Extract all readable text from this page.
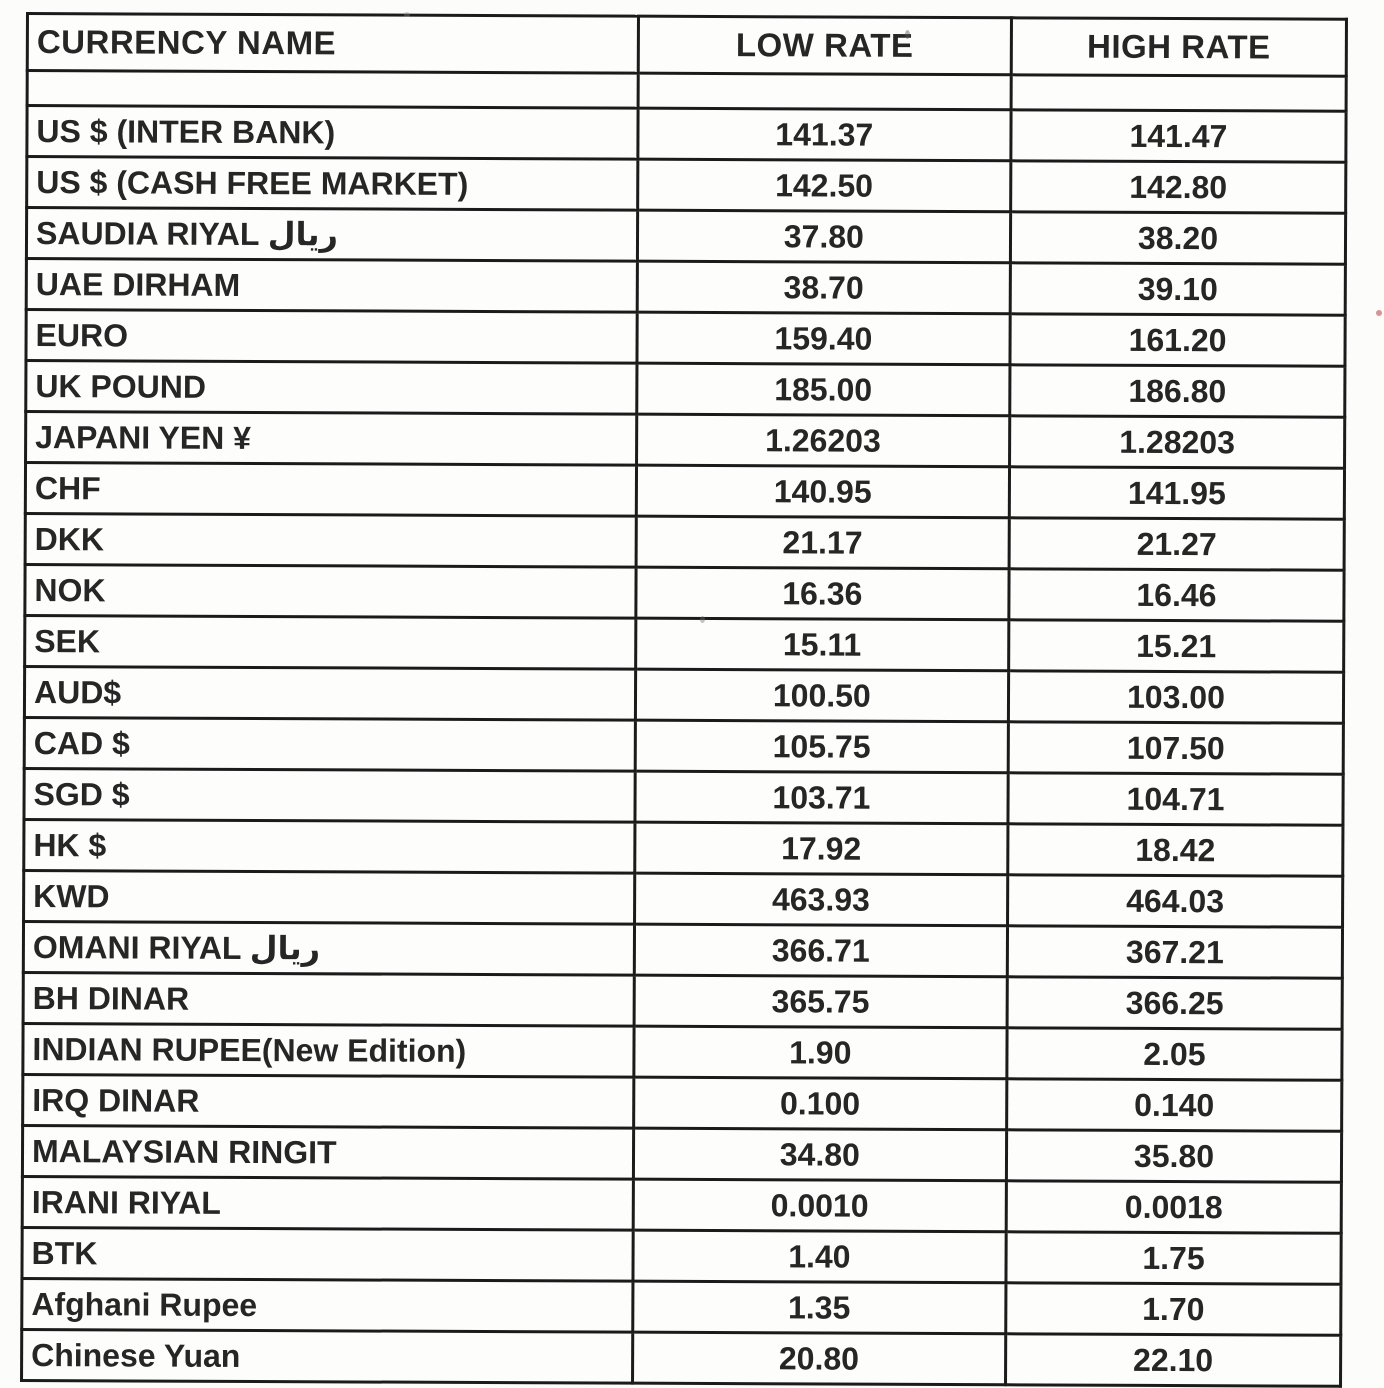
CURRENCY NAME	LOW RATE	HIGH RATE

US $ (INTER BANK)	141.37	141.47
US $ (CASH FREE MARKET)	142.50	142.80
SAUDIA RIYAL ريال	37.80	38.20
UAE DIRHAM	38.70	39.10
EURO	159.40	161.20
UK POUND	185.00	186.80
JAPANI YEN ¥	1.26203	1.28203
CHF	140.95	141.95
DKK	21.17	21.27
NOK	16.36	16.46
SEK	15.11	15.21
AUD$	100.50	103.00
CAD $	105.75	107.50
SGD $	103.71	104.71
HK $	17.92	18.42
KWD	463.93	464.03
OMANI RIYAL ريال	366.71	367.21
BH DINAR	365.75	366.25
INDIAN RUPEE(New Edition)	1.90	2.05
IRQ DINAR	0.100	0.140
MALAYSIAN RINGIT	34.80	35.80
IRANI RIYAL	0.0010	0.0018
BTK	1.40	1.75
Afghani Rupee	1.35	1.70
Chinese Yuan	20.80	22.10
